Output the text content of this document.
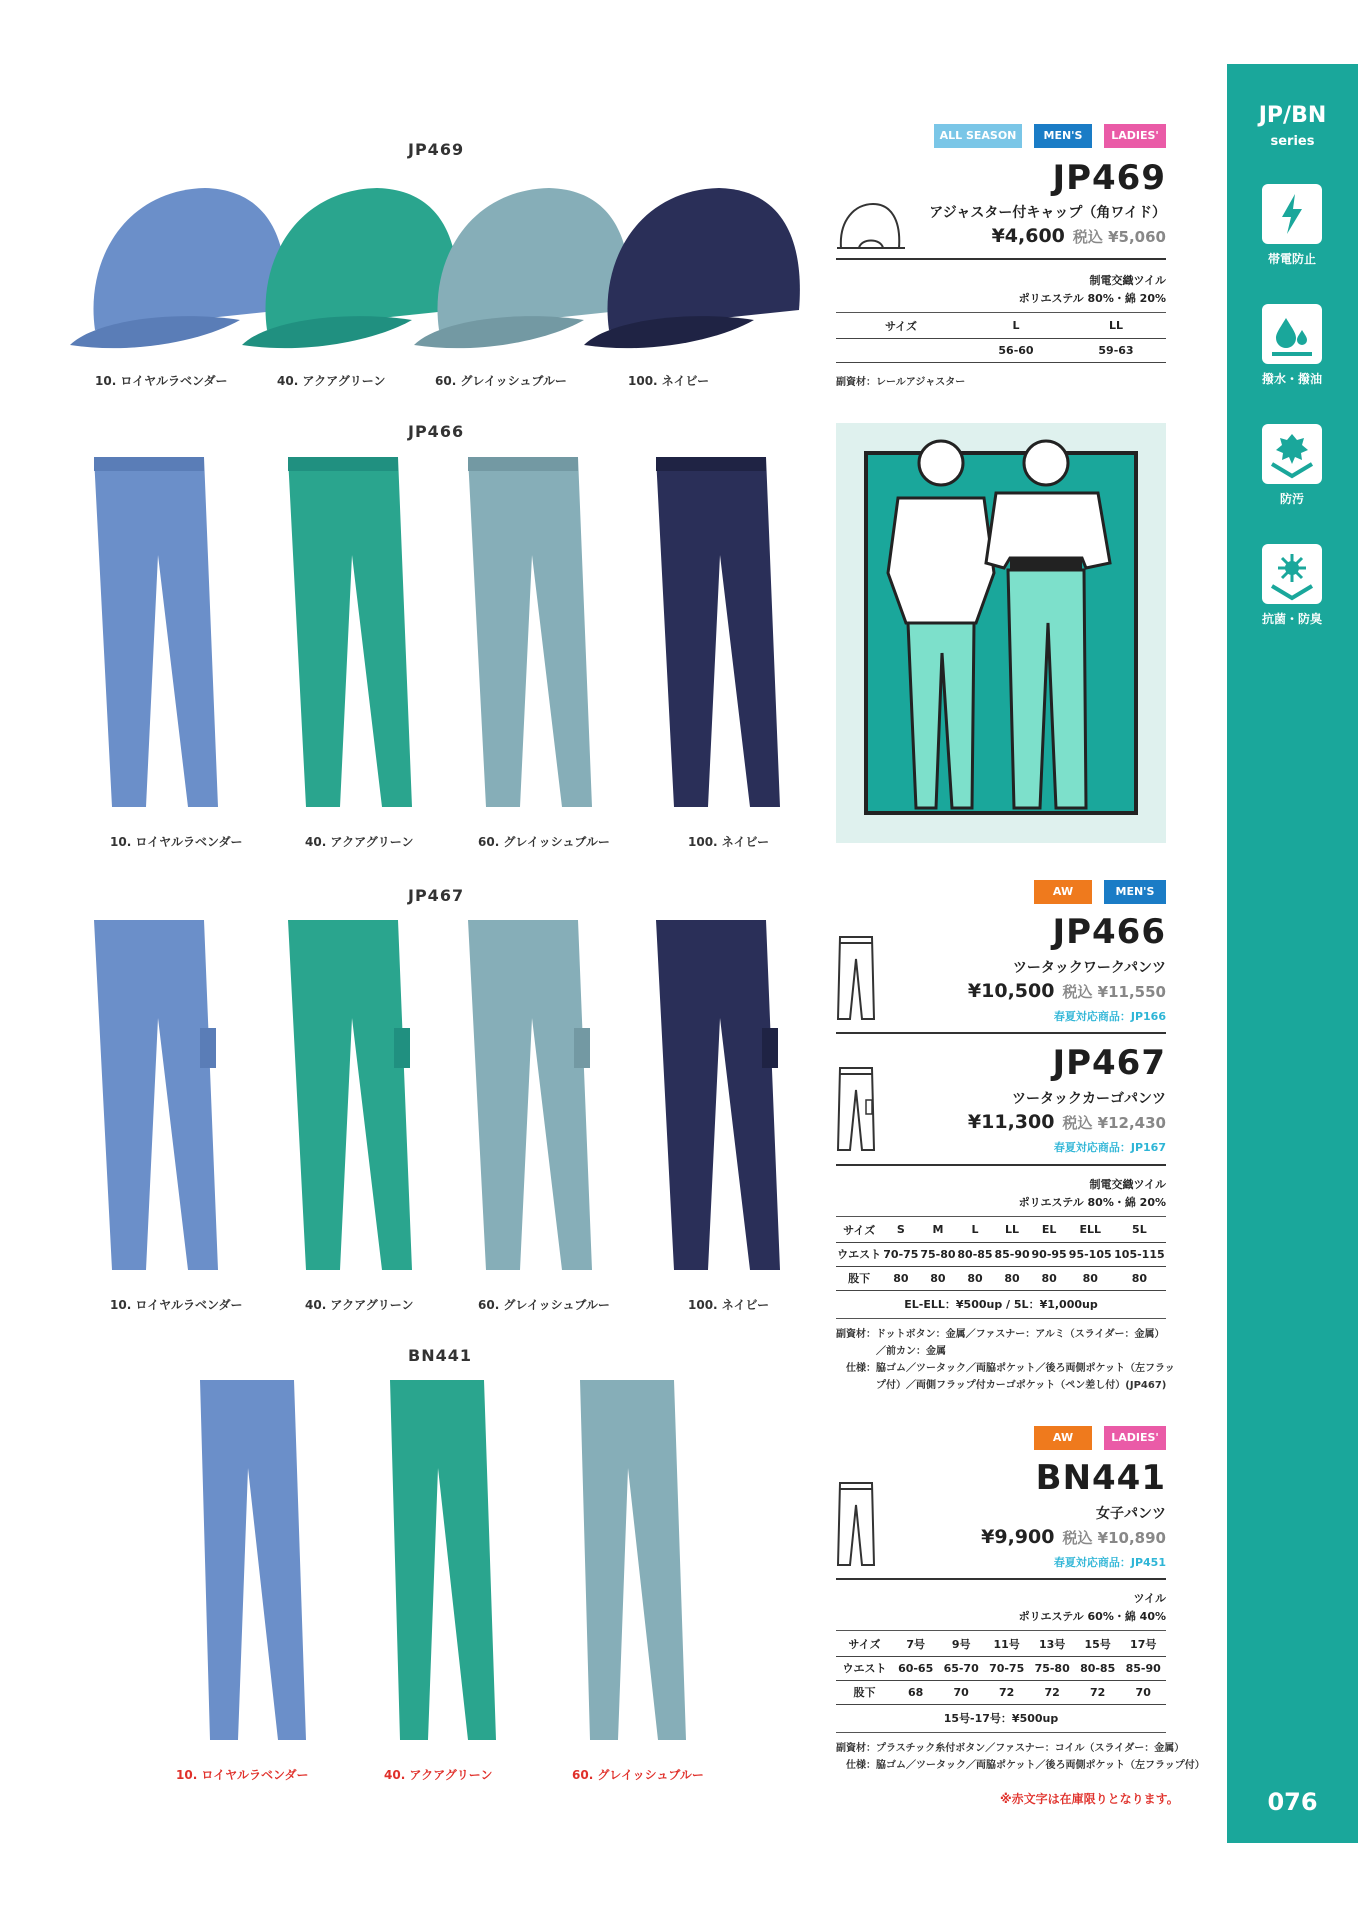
JP/BN
series
帯電防止
撥水・撥油
防汚
抗菌・防臭
076
JP469
10. ロイヤルラベンダー	40. アクアグリーン	60. グレイッシュブルー	100. ネイビー
JP466
10. ロイヤルラベンダー	40. アクアグリーン	60. グレイッシュブルー	100. ネイビー
JP467
10. ロイヤルラベンダー	40. アクアグリーン	60. グレイッシュブルー	100. ネイビー
BN441
10. ロイヤルラベンダー	40. アクアグリーン	60. グレイッシュブルー
ALL SEASON	MEN'S	LADIES'
JP469
アジャスター付キャップ（角ワイド）
¥4,600 税込 ¥5,060
制電交織ツイル
ポリエステル 80%・綿 20%
サイズ	L	LL
	56-60	59-63
副資材：レールアジャスター
AW	MEN'S
JP466
ツータックワークパンツ
¥10,500 税込 ¥11,550
春夏対応商品：JP166
JP467
ツータックカーゴパンツ
¥11,300 税込 ¥12,430
春夏対応商品：JP167
制電交織ツイル
ポリエステル 80%・綿 20%
サイズ	S	M	L	LL	EL	ELL	5L
ウエスト	70-75	75-80	80-85	85-90	90-95	95-105	105-115
股下	80	80	80	80	80	80	80
EL-ELL：¥500up / 5L：¥1,000up
副資材：ドットボタン：金属／ファスナー：アルミ（スライダー：金属）
　　　　／前カン：金属
　仕様：脇ゴム／ツータック／両脇ポケット／後ろ両側ポケット（左フラッ
　　　　プ付）／両側フラップ付カーゴポケット（ペン差し付）(JP467)
AW	LADIES'
BN441
女子パンツ
¥9,900 税込 ¥10,890
春夏対応商品：JP451
ツイル
ポリエステル 60%・綿 40%
サイズ	7号	9号	11号	13号	15号	17号
ウエスト	60-65	65-70	70-75	75-80	80-85	85-90
股下	68	70	72	72	72	70
15号-17号：¥500up
副資材：プラスチック糸付ボタン／ファスナー：コイル（スライダー：金属）
　仕様：脇ゴム／ツータック／両脇ポケット／後ろ両側ポケット（左フラップ付）
※赤文字は在庫限りとなります。
